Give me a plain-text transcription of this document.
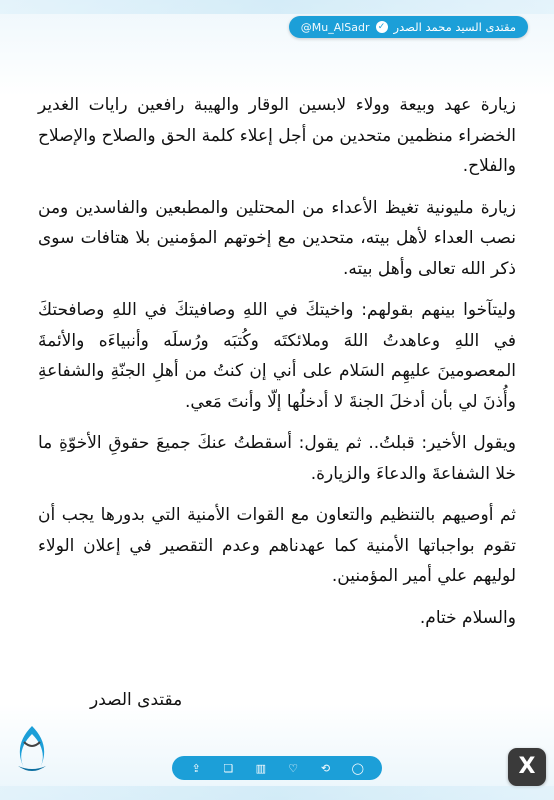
مقتدى السيد محمد الصدر
✓
@Mu_AlSadr

زيارة عهد وبيعة وولاء لابسين الوقار والهيبة رافعين رايات الغدير الخضراء منظمين متحدين من أجل إعلاء كلمة الحق والصلاح والإصلاح والفلاح.

زيارة مليونية تغيظ الأعداء من المحتلين والمطبعين والفاسدين ومن نصب العداء لأهل بيته، متحدين مع إخوتهم المؤمنين بلا هتافات سوى ذكر الله تعالى وأهل بيته.

وليتآخوا بينهم بقولهم: واخيتكَ في اللهِ وصافيتكَ في اللهِ وصافحتكَ في اللهِ وعاهدتُ اللهَ وملائكتَه وكُتبَه ورُسلَه وأنبياءَه والأئمةَ المعصومينَ عليهِم السَلام على أني إن كنتُ من أهلِ الجنّةِ والشفاعةِ وأُذنَ لي بأن أدخلَ الجنةَ لا أدخلُها إلّا وأنتَ مَعي.

ويقول الأخير: قبلتُ.. ثم يقول: أسقطتُ عنكَ جميعَ حقوقِ الأخوّةِ ما خلا الشفاعةَ والدعاءَ والزيارة.

ثم أوصيهم بالتنظيم والتعاون مع القوات الأمنية التي بدورها يجب أن تقوم بواجباتها الأمنية كما عهدناهم وعدم التقصير في إعلان الولاء لوليهم علي أمير المؤمنين.

والسلام ختام.

مقتدى الصدر
⇪	❏ ▥ ♡	⟲	◯	X
